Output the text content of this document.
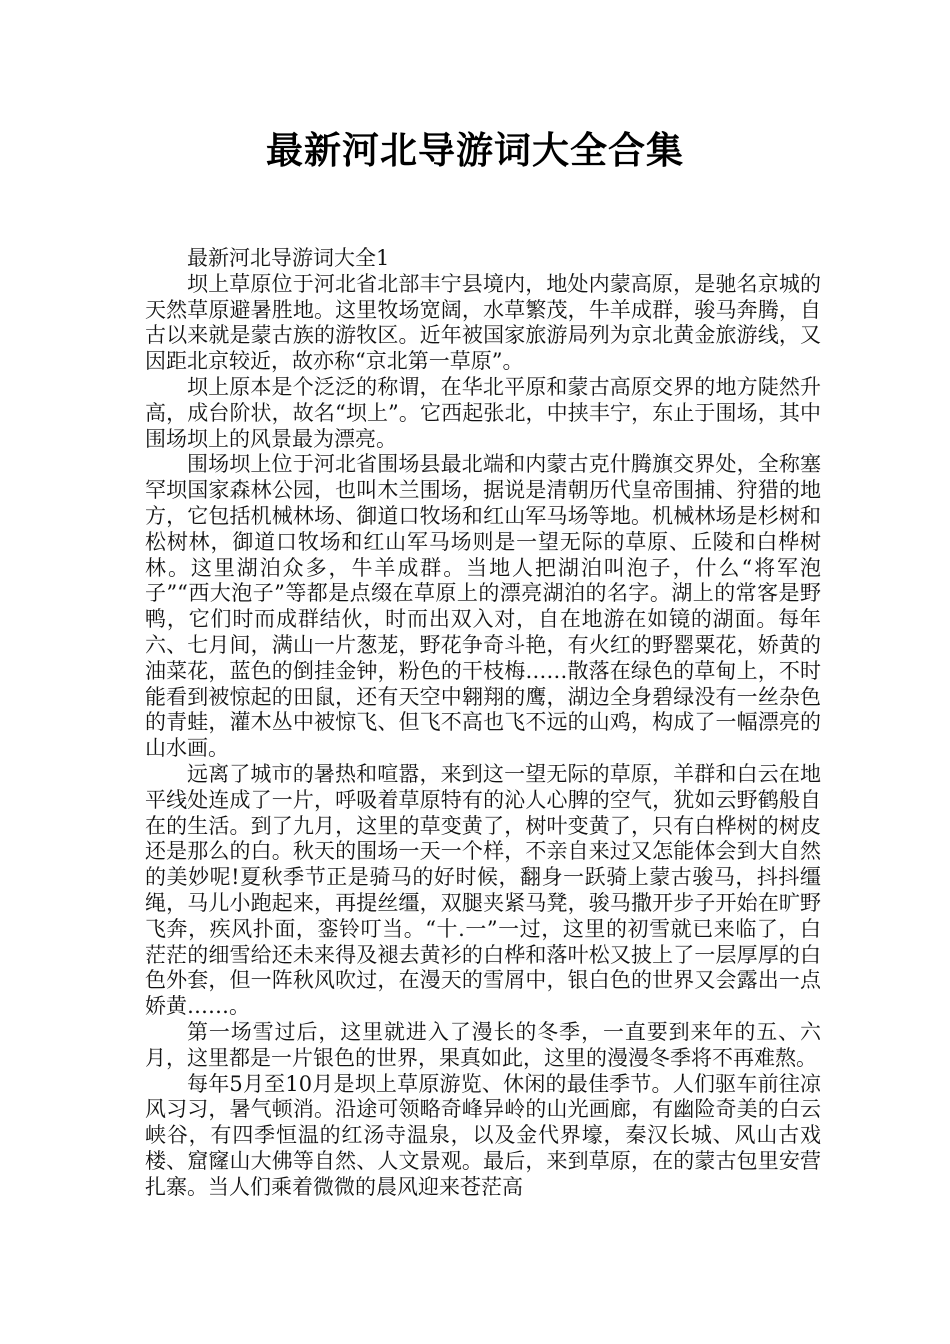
最新河北导游词大全合集

最新河北导游词大全1

坝上草原位于河北省北部丰宁县境内，地处内蒙高原，是驰名京城的天然草原避暑胜地。这里牧场宽阔，水草繁茂，牛羊成群，骏马奔腾，自古以来就是蒙古族的游牧区。近年被国家旅游局列为京北黄金旅游线，又因距北京较近，故亦称“京北第一草原”。

坝上原本是个泛泛的称谓，在华北平原和蒙古高原交界的地方陡然升高，成台阶状，故名“坝上”。它西起张北，中挟丰宁，东止于围场，其中围场坝上的风景最为漂亮。

围场坝上位于河北省围场县最北端和内蒙古克什腾旗交界处，全称塞罕坝国家森林公园，也叫木兰围场，据说是清朝历代皇帝围捕、狩猎的地方，它包括机械林场、御道口牧场和红山军马场等地。机械林场是杉树和松树林，御道口牧场和红山军马场则是一望无际的草原、丘陵和白桦树林。这里湖泊众多，牛羊成群。当地人把湖泊叫泡子，什么“将军泡子”“西大泡子”等都是点缀在草原上的漂亮湖泊的名字。湖上的常客是野鸭，它们时而成群结伙，时而出双入对，自在地游在如镜的湖面。每年六、七月间，满山一片葱茏，野花争奇斗艳，有火红的野罂粟花，娇黄的油菜花，蓝色的倒挂金钟，粉色的干枝梅……散落在绿色的草甸上，不时能看到被惊起的田鼠，还有天空中翱翔的鹰，湖边全身碧绿没有一丝杂色的青蛙，灌木丛中被惊飞、但飞不高也飞不远的山鸡，构成了一幅漂亮的山水画。

远离了城市的暑热和喧嚣，来到这一望无际的草原，羊群和白云在地平线处连成了一片，呼吸着草原特有的沁人心脾的空气，犹如云野鹤般自在的生活。到了九月，这里的草变黄了，树叶变黄了，只有白桦树的树皮还是那么的白。秋天的围场一天一个样，不亲自来过又怎能体会到大自然的美妙呢!夏秋季节正是骑马的好时候，翻身一跃骑上蒙古骏马，抖抖缰绳，马儿小跑起来，再提丝缰，双腿夹紧马凳，骏马撒开步子开始在旷野飞奔，疾风扑面，銮铃叮当。“十.一”一过，这里的初雪就已来临了，白茫茫的细雪给还未来得及褪去黄衫的白桦和落叶松又披上了一层厚厚的白色外套，但一阵秋风吹过，在漫天的雪屑中，银白色的世界又会露出一点娇黄……。

第一场雪过后，这里就进入了漫长的冬季，一直要到来年的五、六月，这里都是一片银色的世界，果真如此，这里的漫漫冬季将不再难熬。

每年5月至10月是坝上草原游览、休闲的最佳季节。人们驱车前往凉风习习，暑气顿消。沿途可领略奇峰异岭的山光画廊，有幽险奇美的白云峡谷，有四季恒温的红汤寺温泉，以及金代界壕，秦汉长城、风山古戏楼、窟窿山大佛等自然、人文景观。最后，来到草原，在的蒙古包里安营扎寨。当人们乘着微微的晨风迎来苍茫高
